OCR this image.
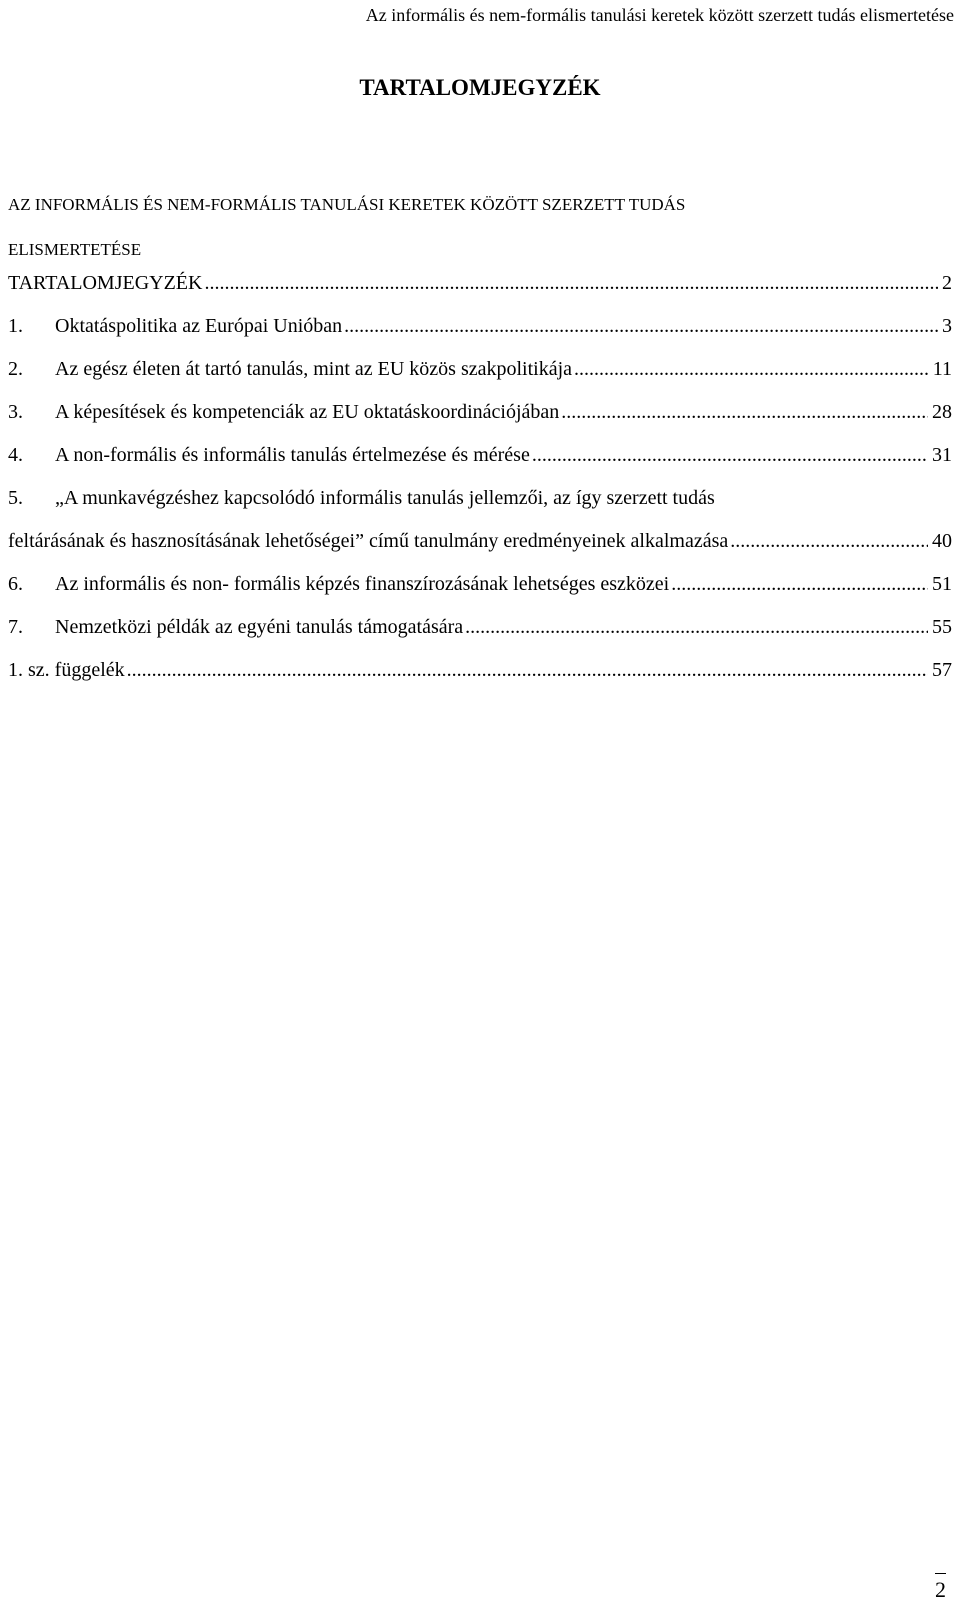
Az informális és nem-formális tanulási keretek között szerzett tudás elismertetése
TARTALOMJEGYZÉK
AZ INFORMÁLIS ÉS NEM-FORMÁLIS TANULÁSI KERETEK KÖZÖTT SZERZETT TUDÁS
ELISMERTETÉSE
TARTALOMJEGYZÉK .....	2
1.	Oktatáspolitika az Európai Unióban .....	3
2.	Az egész életen át tartó tanulás, mint az EU közös szakpolitikája .....	11
3.	A képesítések és kompetenciák az EU oktatáskoordinációjában .....	28
4.	A non-formális és informális tanulás értelmezése és mérése .....	31
5. „A munkavégzéshez kapcsolódó informális tanulás jellemzői, az így szerzett tudás
feltárásának és hasznosításának lehetőségei” című tanulmány eredményeinek alkalmazása .....	40
6.	Az informális és non- formális képzés finanszírozásának lehetséges eszközei .....	51
7.	Nemzetközi példák az egyéni tanulás támogatására .....	55
1. sz. függelék .....	57
2
